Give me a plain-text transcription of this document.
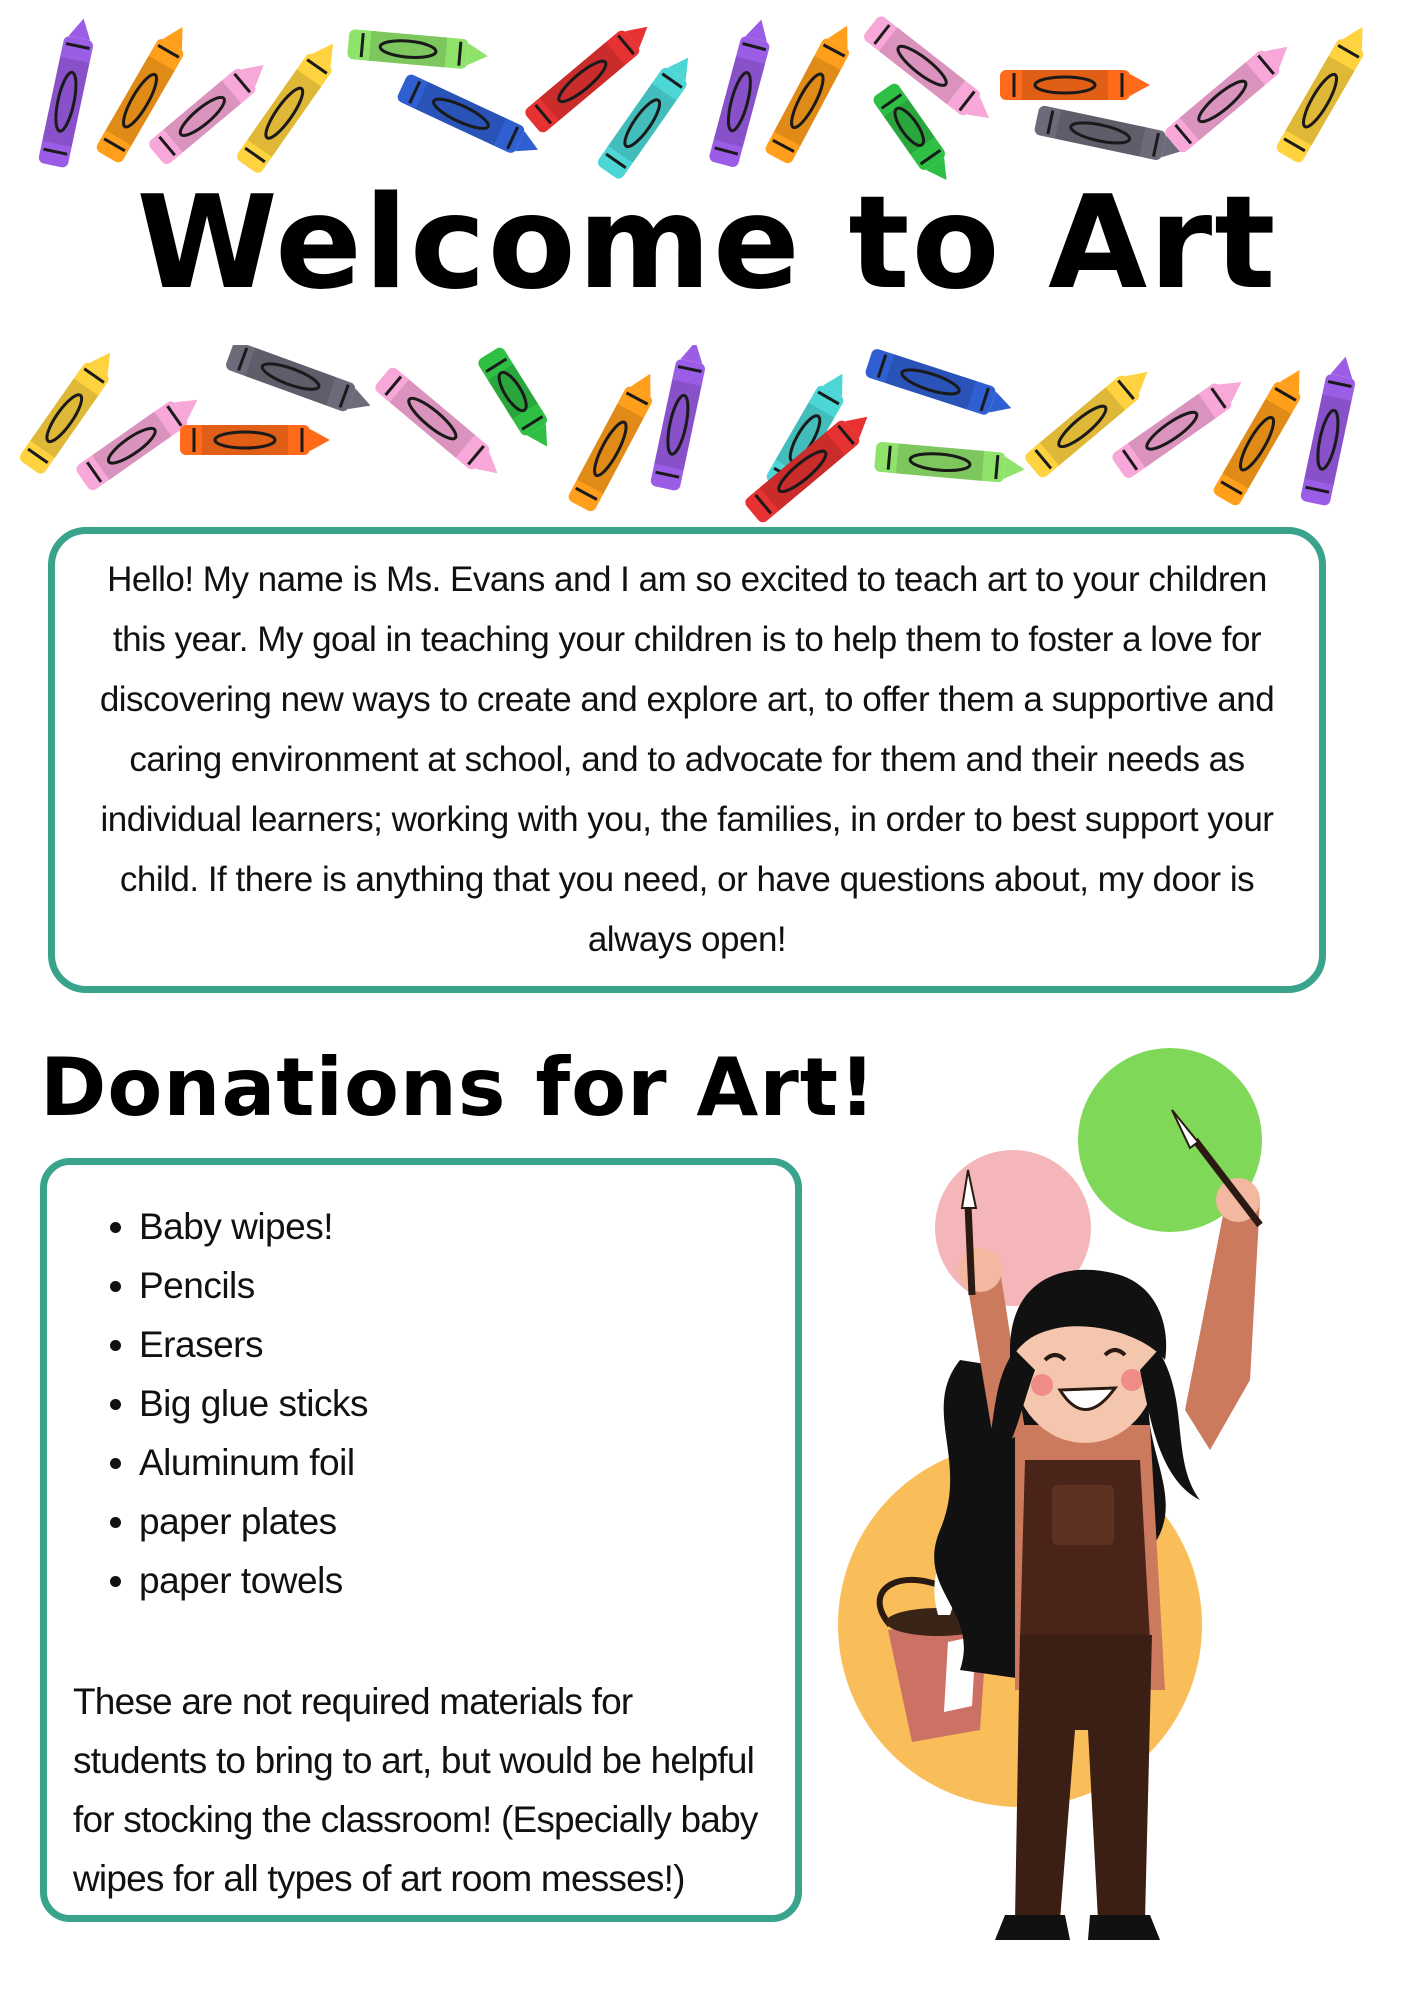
Welcome to Art

Hello! My name is Ms. Evans and I am so excited to teach art to your children this year. My goal in teaching your children is to help them to foster a love for discovering new ways to create and explore art, to offer them a supportive and caring environment at school, and to advocate for them and their needs as individual learners; working with you, the families, in order to best support your child. If there is anything that you need, or have questions about, my door is always open!

Donations for Art!
• Baby wipes!
• Pencils
• Erasers
• Big glue sticks
• Aluminum foil
• paper plates
• paper towels

These are not required materials for students to bring to art, but would be helpful for stocking the classroom! (Especially baby wipes for all types of art room messes!)
